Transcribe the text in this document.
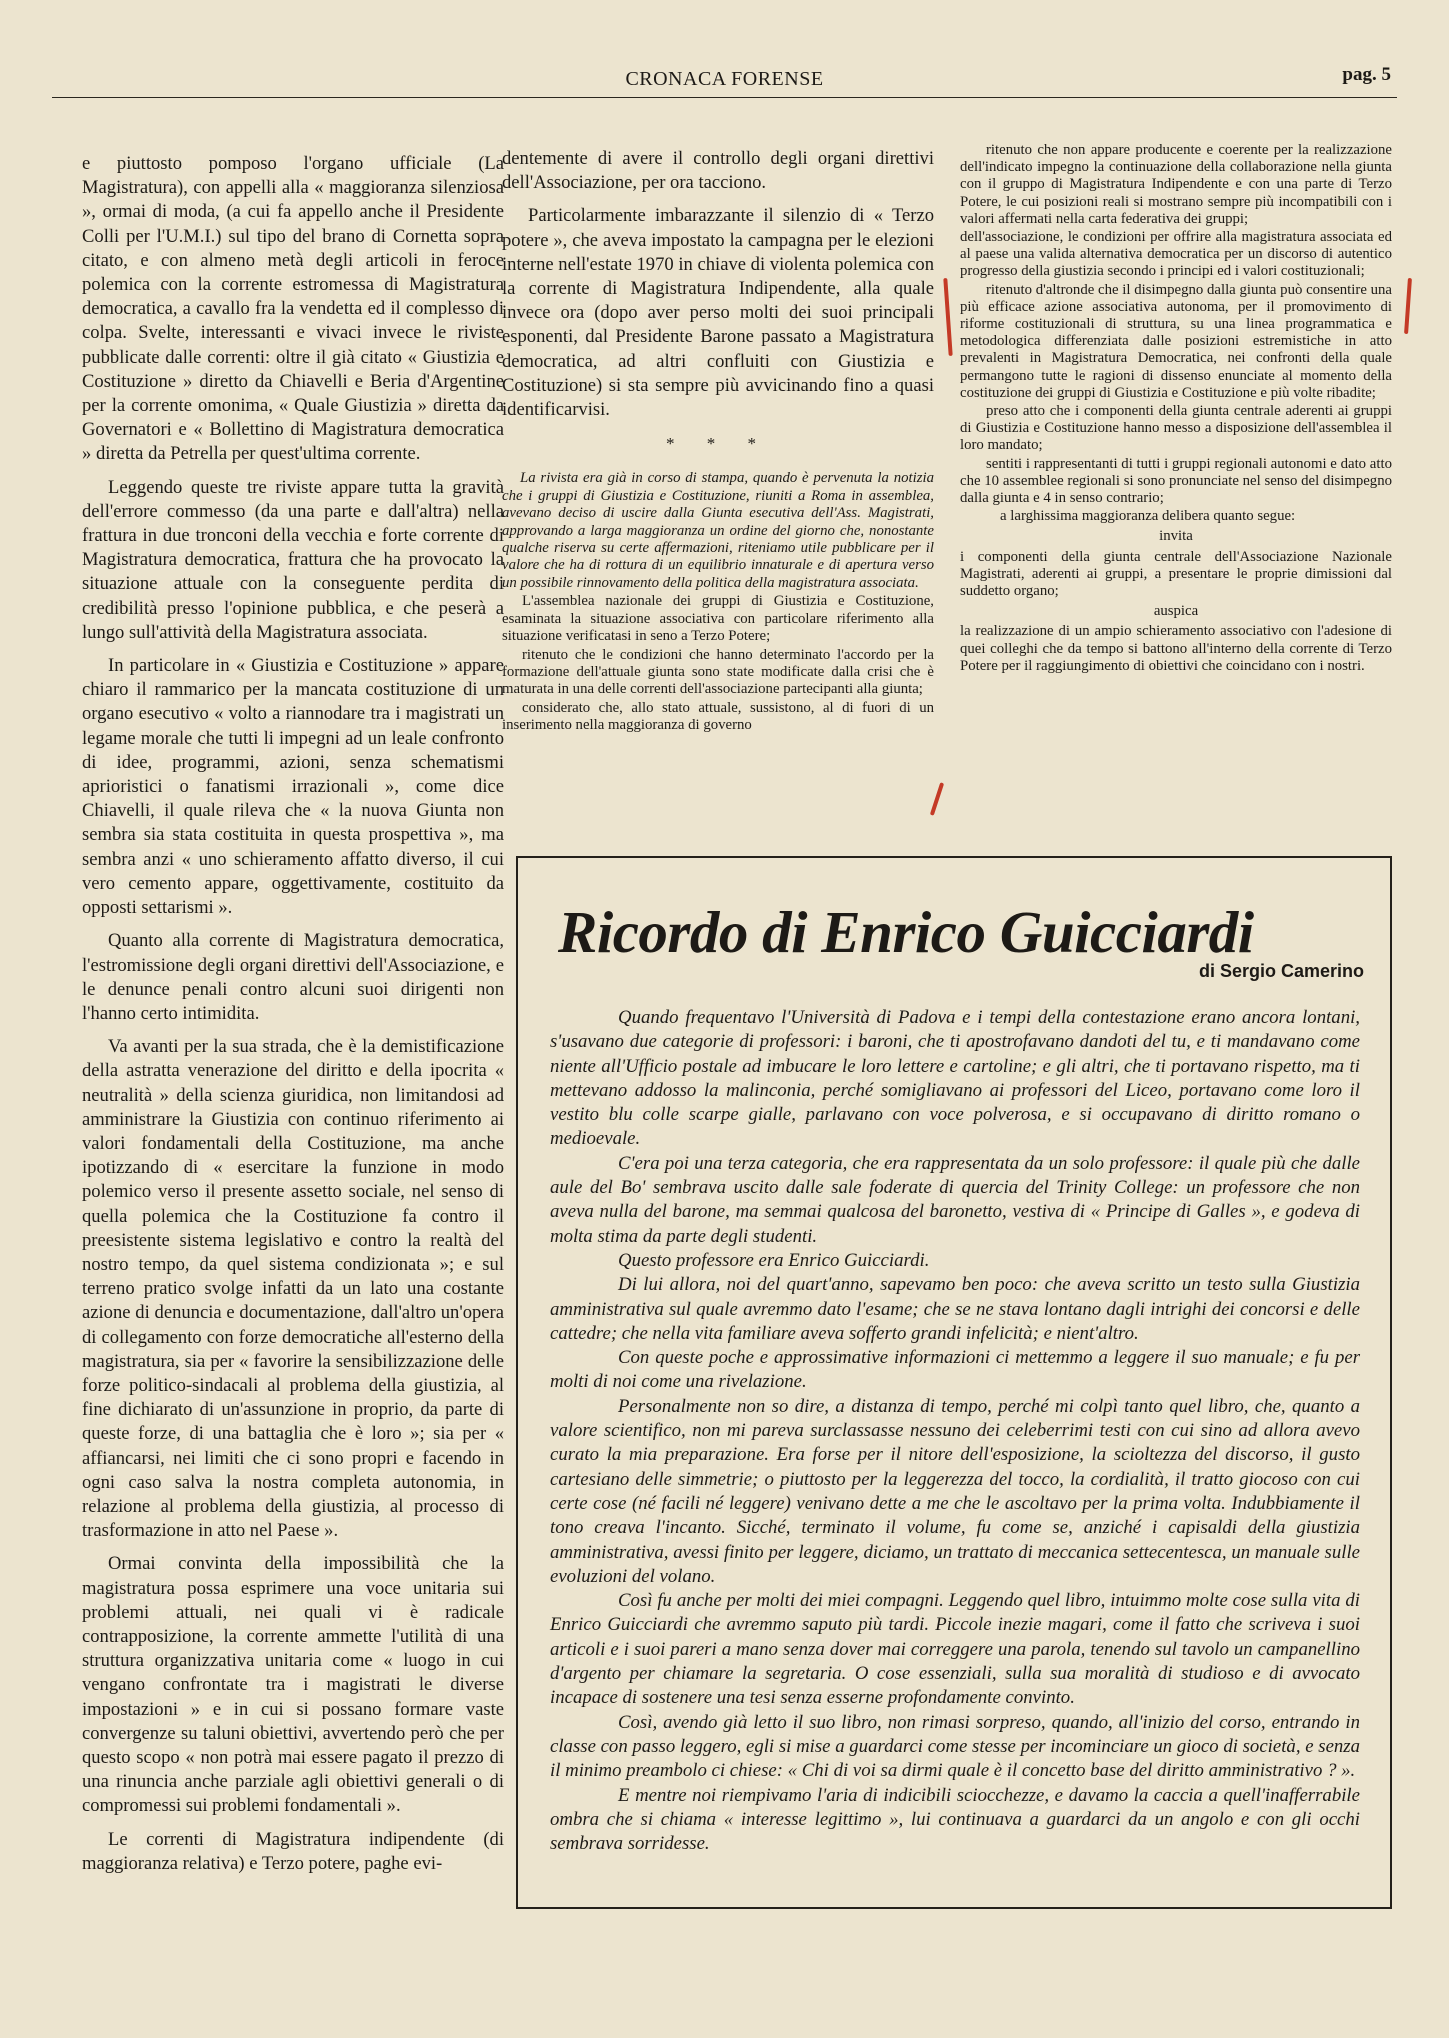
CRONACA FORENSE	pag. 5

e piuttosto pomposo l'organo ufficiale (La Magistratura), con appelli alla « maggioranza silenziosa », ormai di moda, (a cui fa appello anche il Presidente Colli per l'U.M.I.) sul tipo del brano di Cornetta sopra citato, e con almeno metà degli articoli in feroce polemica con la corrente estromessa di Magistratura democratica, a cavallo fra la vendetta ed il complesso di colpa. Svelte, interessanti e vivaci invece le riviste pubblicate dalle correnti: oltre il già citato « Giustizia e Costituzione » diretto da Chiavelli e Beria d'Argentine per la corrente omonima, « Quale Giustizia » diretta da Governatori e « Bollettino di Magistratura democratica » diretta da Petrella per quest'ultima corrente.

Leggendo queste tre riviste appare tutta la gravità dell'errore commesso (da una parte e dall'altra) nella frattura in due tronconi della vecchia e forte corrente di Magistratura democratica, frattura che ha provocato la situazione attuale con la conseguente perdita di credibilità presso l'opinione pubblica, e che peserà a lungo sull'attività della Magistratura associata.

In particolare in « Giustizia e Costituzione » appare chiaro il rammarico per la mancata costituzione di un organo esecutivo « volto a riannodare tra i magistrati un legame morale che tutti li impegni ad un leale confronto di idee, programmi, azioni, senza schematismi aprioristici o fanatismi irrazionali », come dice Chiavelli, il quale rileva che « la nuova Giunta non sembra sia stata costituita in questa prospettiva », ma sembra anzi « uno schieramento affatto diverso, il cui vero cemento appare, oggettivamente, costituito da opposti settarismi ».

Quanto alla corrente di Magistratura democratica, l'estromissione degli organi direttivi dell'Associazione, e le denunce penali contro alcuni suoi dirigenti non l'hanno certo intimidita.

Va avanti per la sua strada, che è la demistificazione della astratta venerazione del diritto e della ipocrita « neutralità » della scienza giuridica, non limitandosi ad amministrare la Giustizia con continuo riferimento ai valori fondamentali della Costituzione, ma anche ipotizzando di « esercitare la funzione in modo polemico verso il presente assetto sociale, nel senso di quella polemica che la Costituzione fa contro il preesistente sistema legislativo e contro la realtà del nostro tempo, da quel sistema condizionata »; e sul terreno pratico svolge infatti da un lato una costante azione di denuncia e documentazione, dall'altro un'opera di collegamento con forze democratiche all'esterno della magistratura, sia per « favorire la sensibilizzazione delle forze politico-sindacali al problema della giustizia, al fine dichiarato di un'assunzione in proprio, da parte di queste forze, di una battaglia che è loro »; sia per « affiancarsi, nei limiti che ci sono propri e facendo in ogni caso salva la nostra completa autonomia, in relazione al problema della giustizia, al processo di trasformazione in atto nel Paese ».

Ormai convinta della impossibilità che la magistratura possa esprimere una voce unitaria sui problemi attuali, nei quali vi è radicale contrapposizione, la corrente ammette l'utilità di una struttura organizzativa unitaria come « luogo in cui vengano confrontate tra i magistrati le diverse impostazioni » e in cui si possano formare vaste convergenze su taluni obiettivi, avvertendo però che per questo scopo « non potrà mai essere pagato il prezzo di una rinuncia anche parziale agli obiettivi generali o di compromessi sui problemi fondamentali ».

Le correnti di Magistratura indipendente (di maggioranza relativa) e Terzo potere, paghe evi-

dentemente di avere il controllo degli organi direttivi dell'Associazione, per ora tacciono.

Particolarmente imbarazzante il silenzio di « Terzo potere », che aveva impostato la campagna per le elezioni interne nell'estate 1970 in chiave di violenta polemica con la corrente di Magistratura Indipendente, alla quale invece ora (dopo aver perso molti dei suoi principali esponenti, dal Presidente Barone passato a Magistratura democratica, ad altri confluiti con Giustizia e Costituzione) si sta sempre più avvicinando fino a quasi identificarvisi.

* * *

La rivista era già in corso di stampa, quando è pervenuta la notizia che i gruppi di Giustizia e Costituzione, riuniti a Roma in assemblea, avevano deciso di uscire dalla Giunta esecutiva dell'Ass. Magistrati, approvando a larga maggioranza un ordine del giorno che, nonostante qualche riserva su certe affermazioni, riteniamo utile pubblicare per il valore che ha di rottura di un equilibrio innaturale e di apertura verso un possibile rinnovamento della politica della magistratura associata.

L'assemblea nazionale dei gruppi di Giustizia e Costituzione, esaminata la situazione associativa con particolare riferimento alla situazione verificatasi in seno a Terzo Potere;

ritenuto che le condizioni che hanno determinato l'accordo per la formazione dell'attuale giunta sono state modificate dalla crisi che è maturata in una delle correnti dell'associazione partecipanti alla giunta;

considerato che, allo stato attuale, sussistono, al di fuori di un inserimento nella maggioranza di governo

ritenuto che non appare producente e coerente per la realizzazione dell'indicato impegno la continuazione della collaborazione nella giunta con il gruppo di Magistratura Indipendente e con una parte di Terzo Potere, le cui posizioni reali si mostrano sempre più incompatibili con i valori affermati nella carta federativa dei gruppi;

dell'associazione, le condizioni per offrire alla magistratura associata ed al paese una valida alternativa democratica per un discorso di autentico progresso della giustizia secondo i principi ed i valori costituzionali;

ritenuto d'altronde che il disimpegno dalla giunta può consentire una più efficace azione associativa autonoma, per il promovimento di riforme costituzionali di struttura, su una linea programmatica e metodologica differenziata dalle posizioni estremistiche in atto prevalenti in Magistratura Democratica, nei confronti della quale permangono tutte le ragioni di dissenso enunciate al momento della costituzione dei gruppi di Giustizia e Costituzione e più volte ribadite;

preso atto che i componenti della giunta centrale aderenti ai gruppi di Giustizia e Costituzione hanno messo a disposizione dell'assemblea il loro mandato;

sentiti i rappresentanti di tutti i gruppi regionali autonomi e dato atto che 10 assemblee regionali si sono pronunciate nel senso del disimpegno dalla giunta e 4 in senso contrario;

a larghissima maggioranza delibera quanto segue:

invita

i componenti della giunta centrale dell'Associazione Nazionale Magistrati, aderenti ai gruppi, a presentare le proprie dimissioni dal suddetto organo;

auspica

la realizzazione di un ampio schieramento associativo con l'adesione di quei colleghi che da tempo si battono all'interno della corrente di Terzo Potere per il raggiungimento di obiettivi che coincidano con i nostri.

Ricordo di Enrico Guicciardi
di Sergio Camerino

Quando frequentavo l'Università di Padova e i tempi della contestazione erano ancora lontani, s'usavano due categorie di professori: i baroni, che ti apostrofavano dandoti del tu, e ti mandavano come niente all'Ufficio postale ad imbucare le loro lettere e cartoline; e gli altri, che ti portavano rispetto, ma ti mettevano addosso la malinconia, perché somigliavano ai professori del Liceo, portavano come loro il vestito blu colle scarpe gialle, parlavano con voce polverosa, e si occupavano di diritto romano o medioevale.

C'era poi una terza categoria, che era rappresentata da un solo professore: il quale più che dalle aule del Bo' sembrava uscito dalle sale foderate di quercia del Trinity College: un professore che non aveva nulla del barone, ma semmai qualcosa del baronetto, vestiva di « Principe di Galles », e godeva di molta stima da parte degli studenti.

Questo professore era Enrico Guicciardi.

Di lui allora, noi del quart'anno, sapevamo ben poco: che aveva scritto un testo sulla Giustizia amministrativa sul quale avremmo dato l'esame; che se ne stava lontano dagli intrighi dei concorsi e delle cattedre; che nella vita familiare aveva sofferto grandi infelicità; e nient'altro.

Con queste poche e approssimative informazioni ci mettemmo a leggere il suo manuale; e fu per molti di noi come una rivelazione.

Personalmente non so dire, a distanza di tempo, perché mi colpì tanto quel libro, che, quanto a valore scientifico, non mi pareva surclassasse nessuno dei celeberrimi testi con cui sino ad allora avevo curato la mia preparazione. Era forse per il nitore dell'esposizione, la scioltezza del discorso, il gusto cartesiano delle simmetrie; o piuttosto per la leggerezza del tocco, la cordialità, il tratto giocoso con cui certe cose (né facili né leggere) venivano dette a me che le ascoltavo per la prima volta. Indubbiamente il tono creava l'incanto. Sicché, terminato il volume, fu come se, anziché i capisaldi della giustizia amministrativa, avessi finito per leggere, diciamo, un trattato di meccanica settecentesca, un manuale sulle evoluzioni del volano.

Così fu anche per molti dei miei compagni. Leggendo quel libro, intuimmo molte cose sulla vita di Enrico Guicciardi che avremmo saputo più tardi. Piccole inezie magari, come il fatto che scriveva i suoi articoli e i suoi pareri a mano senza dover mai correggere una parola, tenendo sul tavolo un campanellino d'argento per chiamare la segretaria. O cose essenziali, sulla sua moralità di studioso e di avvocato incapace di sostenere una tesi senza esserne profondamente convinto.

Così, avendo già letto il suo libro, non rimasi sorpreso, quando, all'inizio del corso, entrando in classe con passo leggero, egli si mise a guardarci come stesse per incominciare un gioco di società, e senza il minimo preambolo ci chiese: « Chi di voi sa dirmi quale è il concetto base del diritto amministrativo ? ».

E mentre noi riempivamo l'aria di indicibili sciocchezze, e davamo la caccia a quell'inafferrabile ombra che si chiama « interesse legittimo », lui continuava a guardarci da un angolo e con gli occhi sembrava sorridesse.
